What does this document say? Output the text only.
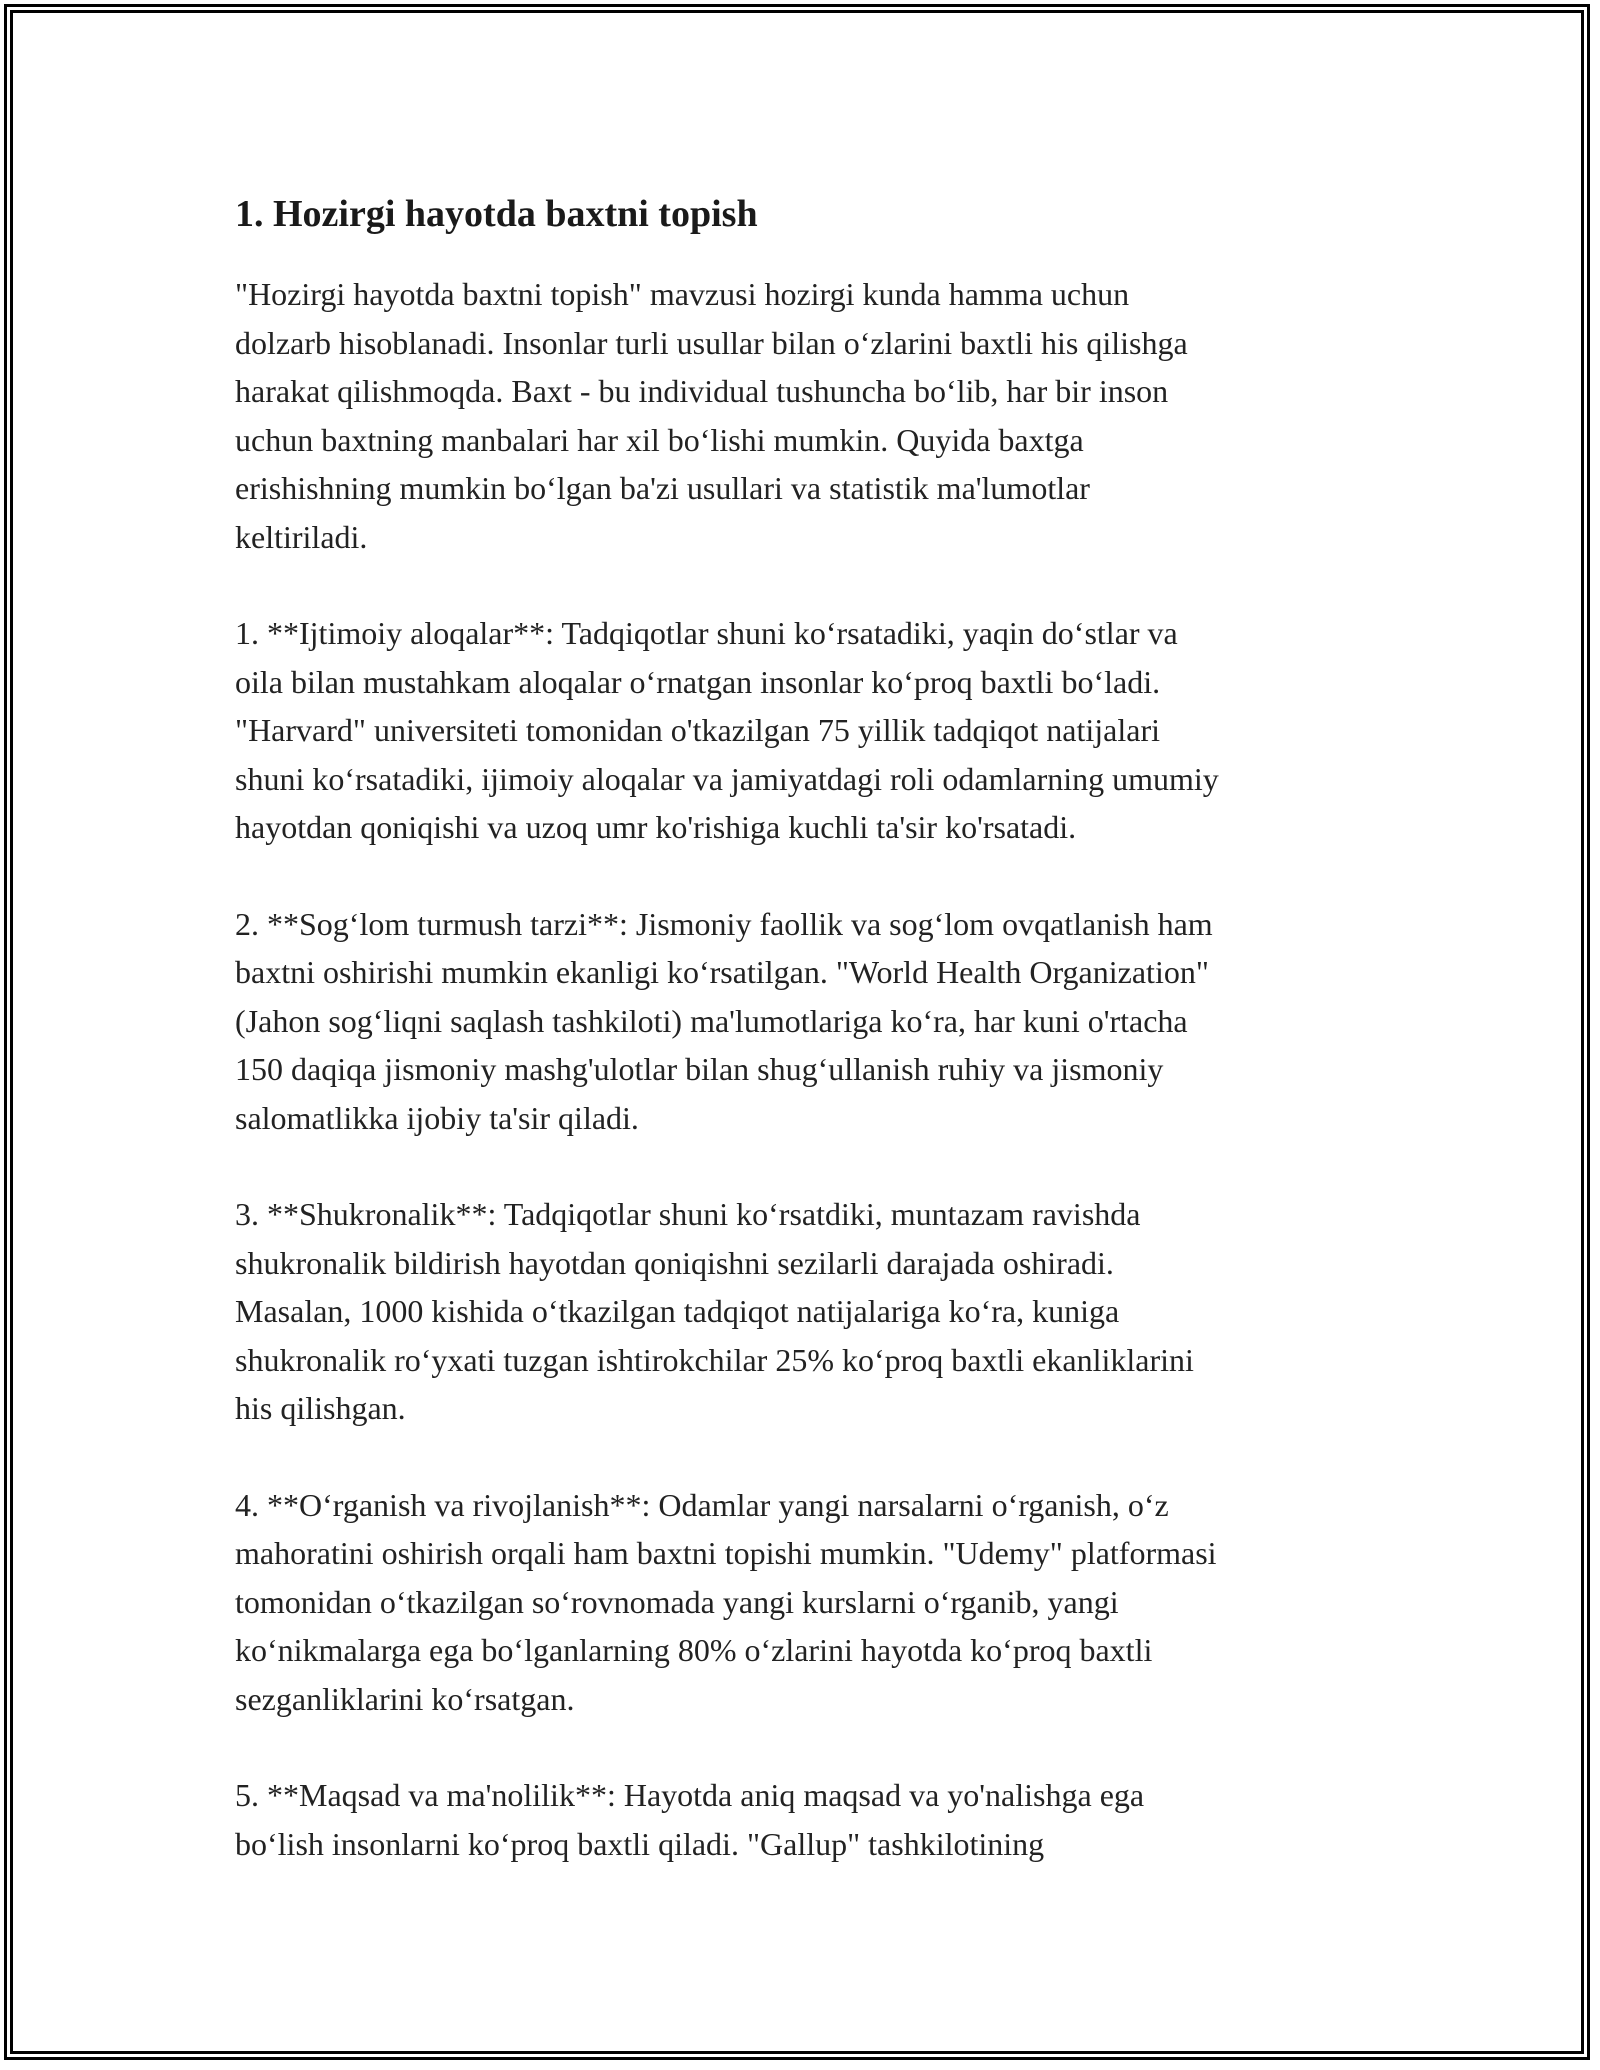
1. Hozirgi hayotda baxtni topish

"Hozirgi hayotda baxtni topish" mavzusi hozirgi kunda hamma uchun
dolzarb hisoblanadi. Insonlar turli usullar bilan o‘zlarini baxtli his qilishga
harakat qilishmoqda. Baxt - bu individual tushuncha bo‘lib, har bir inson
uchun baxtning manbalari har xil bo‘lishi mumkin. Quyida baxtga
erishishning mumkin bo‘lgan ba'zi usullari va statistik ma'lumotlar
keltiriladi.

1. **Ijtimoiy aloqalar**: Tadqiqotlar shuni ko‘rsatadiki, yaqin do‘stlar va
oila bilan mustahkam aloqalar o‘rnatgan insonlar ko‘proq baxtli bo‘ladi.
"Harvard" universiteti tomonidan o'tkazilgan 75 yillik tadqiqot natijalari
shuni ko‘rsatadiki, ijimoiy aloqalar va jamiyatdagi roli odamlarning umumiy
hayotdan qoniqishi va uzoq umr ko'rishiga kuchli ta'sir ko'rsatadi.

2. **Sog‘lom turmush tarzi**: Jismoniy faollik va sog‘lom ovqatlanish ham
baxtni oshirishi mumkin ekanligi ko‘rsatilgan. "World Health Organization"
(Jahon sog‘liqni saqlash tashkiloti) ma'lumotlariga ko‘ra, har kuni o'rtacha
150 daqiqa jismoniy mashg'ulotlar bilan shug‘ullanish ruhiy va jismoniy
salomatlikka ijobiy ta'sir qiladi.

3. **Shukronalik**: Tadqiqotlar shuni ko‘rsatdiki, muntazam ravishda
shukronalik bildirish hayotdan qoniqishni sezilarli darajada oshiradi.
Masalan, 1000 kishida o‘tkazilgan tadqiqot natijalariga ko‘ra, kuniga
shukronalik ro‘yxati tuzgan ishtirokchilar 25% ko‘proq baxtli ekanliklarini
his qilishgan.

4. **O‘rganish va rivojlanish**: Odamlar yangi narsalarni o‘rganish, o‘z
mahoratini oshirish orqali ham baxtni topishi mumkin. "Udemy" platformasi
tomonidan o‘tkazilgan so‘rovnomada yangi kurslarni o‘rganib, yangi
ko‘nikmalarga ega bo‘lganlarning 80% o‘zlarini hayotda ko‘proq baxtli
sezganliklarini ko‘rsatgan.

5. **Maqsad va ma'nolilik**: Hayotda aniq maqsad va yo'nalishga ega
bo‘lish insonlarni ko‘proq baxtli qiladi. "Gallup" tashkilotining
